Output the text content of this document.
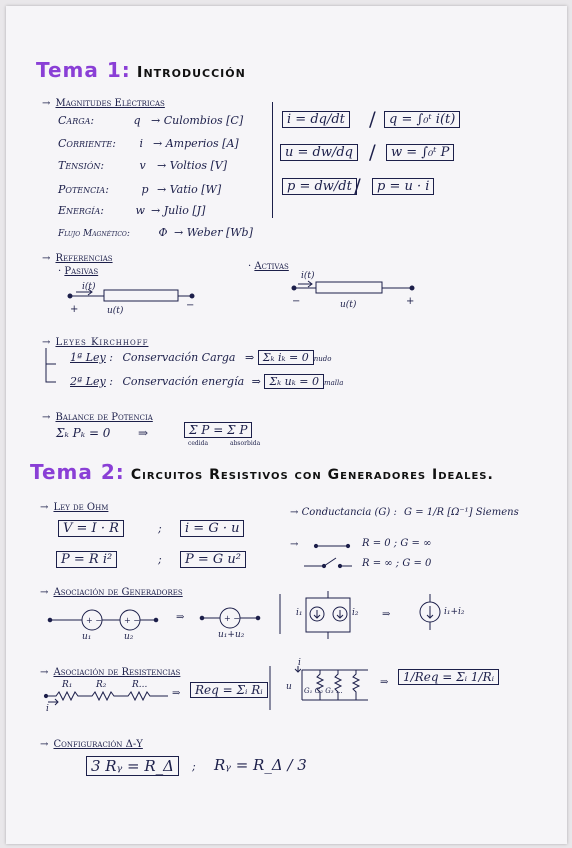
Tema 1: Introducción
→ Magnitudes Eléctricas
Carga:	q → Culombios [C]
Corriente: i → Amperios [A]
Tensión:	v → Voltios [V]
Potencia:	p → Vatio [W]
Energía:	w → Julio [J]
Flujo Magnético:	Φ → Weber [Wb]
i = dq/dt /	q = ∫₀ᵗ i(t)
u = dw/dq /	w = ∫₀ᵗ P
p = dw/dt /	p = u · i
→ Referencias
· Pasivas	· Activas
+ −	+ −	+ −
i(t)
u(t)
+	−
i(t)
u(t)
−	+
→ Leyes Kirchhoff
1ª Ley : Conservación Carga ⇒ Σₖ iₖ = 0 nudo
2ª Ley : Conservación energía ⇒ Σₖ uₖ = 0 malla
→ Balance de Potencia
Σₖ Pₖ = 0 ⇒	Σ P = Σ P
cedida	absorbida
Tema 2: Circuitos Resistivos con Generadores Ideales.
→ Ley de Ohm
V = I · R	;	i = G · u
P = R i²	;	P = G u²
→ Conductancia (G) : G = 1/R [Ω⁻¹] Siemens
→	R = 0 ; G = ∞
R = ∞ ; G = 0
→ Asociación de Generadores
u₁	u₂
⇒
u₁+u₂
i₁	i₂ ⇒	i₁+i₂
→ Asociación de Resistencias
R₁	R₂	R...
i
⇒	Req = Σᵢ Rᵢ
i
u G₁ G₂ G₃ ...
⇒	1/Req = Σᵢ 1/Rᵢ
→ Configuración Δ-Y
3 Rᵧ = R_Δ	; Rᵧ = R_Δ / 3
